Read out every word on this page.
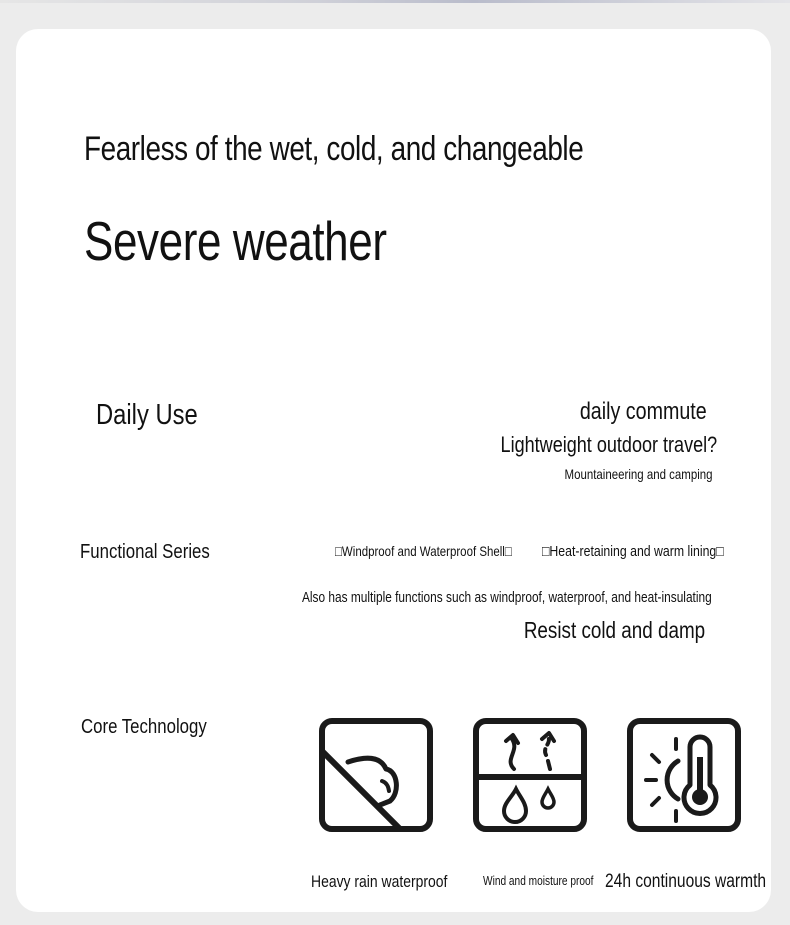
Fearless of the wet, cold, and changeable
Severe weather
Daily Use	daily commute
Lightweight outdoor travel?
Mountaineering and camping
Functional Series	□Windproof and Waterproof Shell□ □Heat-retaining and warm lining□
Also has multiple functions such as windproof, waterproof, and heat-insulating
Resist cold and damp
Core Technology
Heavy rain waterproof	Wind and moisture proof 24h continuous warmth
